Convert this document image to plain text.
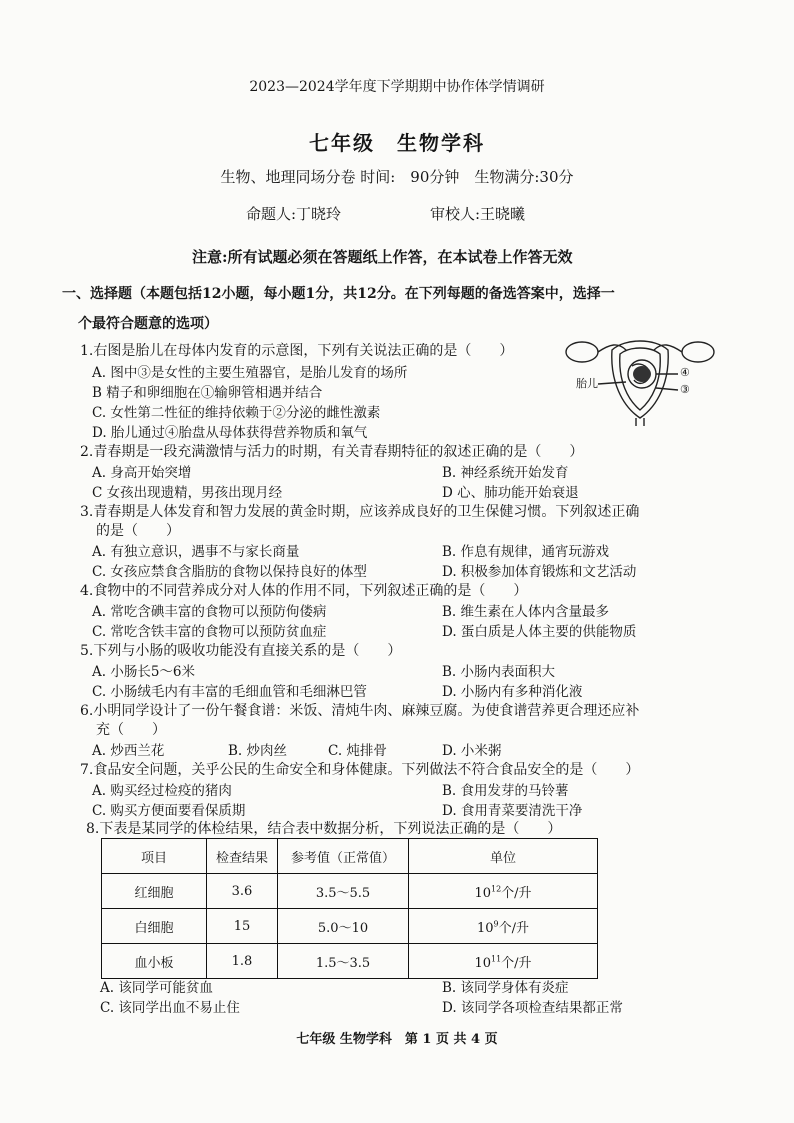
2023—2024学年度下学期期中协作体学情调研
七年级　生物学科
生物、地理同场分卷 时间:　90分钟　生物满分:30分
命题人:丁晓玲	审校人:王晓曦
注意:所有试题必须在答题纸上作答，在本试卷上作答无效
一、选择题（本题包括12小题，每小题1分，共12分。在下列每题的备选答案中，选择一
个最符合题意的选项）
胎儿
④
③
1.右图是胎儿在母体内发育的示意图，下列有关说法正确的是（　　）
A. 图中③是女性的主要生殖器官，是胎儿发育的场所
B 精子和卵细胞在①输卵管相遇并结合
C. 女性第二性征的维持依赖于②分泌的雌性激素
D. 胎儿通过④胎盘从母体获得营养物质和氧气
2.青春期是一段充满激情与活力的时期，有关青春期特征的叙述正确的是（　　）
A. 身高开始突增	B. 神经系统开始发育
C 女孩出现遗精，男孩出现月经	D 心、肺功能开始衰退
3.青春期是人体发育和智力发展的黄金时期，应该养成良好的卫生保健习惯。下列叙述正确
的是（　　）
A. 有独立意识，遇事不与家长商量	B. 作息有规律，通宵玩游戏
C. 女孩应禁食含脂肪的食物以保持良好的体型	D. 积极参加体育锻炼和文艺活动
4.食物中的不同营养成分对人体的作用不同，下列叙述正确的是（　　）
A. 常吃含碘丰富的食物可以预防佝偻病	B. 维生素在人体内含量最多
C. 常吃含铁丰富的食物可以预防贫血症	D. 蛋白质是人体主要的供能物质
5.下列与小肠的吸收功能没有直接关系的是（　　）
A. 小肠长5～6米	B. 小肠内表面积大
C. 小肠绒毛内有丰富的毛细血管和毛细淋巴管	D. 小肠内有多种消化液
6.小明同学设计了一份午餐食谱：米饭、清炖牛肉、麻辣豆腐。为使食谱营养更合理还应补
充（　　）
A. 炒西兰花	B. 炒肉丝	C. 炖排骨	D. 小米粥
7.食品安全问题，关乎公民的生命安全和身体健康。下列做法不符合食品安全的是（　　）
A. 购买经过检疫的猪肉	B. 食用发芽的马铃薯
C. 购买方便面要看保质期	D. 食用青菜要清洗干净
8.下表是某同学的体检结果，结合表中数据分析，下列说法正确的是（　　）
项目	检查结果	参考值（正常值）	单位
红细胞	3.6	3.5～5.5	$10^{12}$个/升
白细胞	15	5.0～10	$10^9$个/升
血小板	1.8	1.5～3.5	$10^{11}$个/升
A. 该同学可能贫血	B. 该同学身体有炎症
C. 该同学出血不易止住	D. 该同学各项检查结果都正常
七年级 生物学科　第 1 页 共 4 页
